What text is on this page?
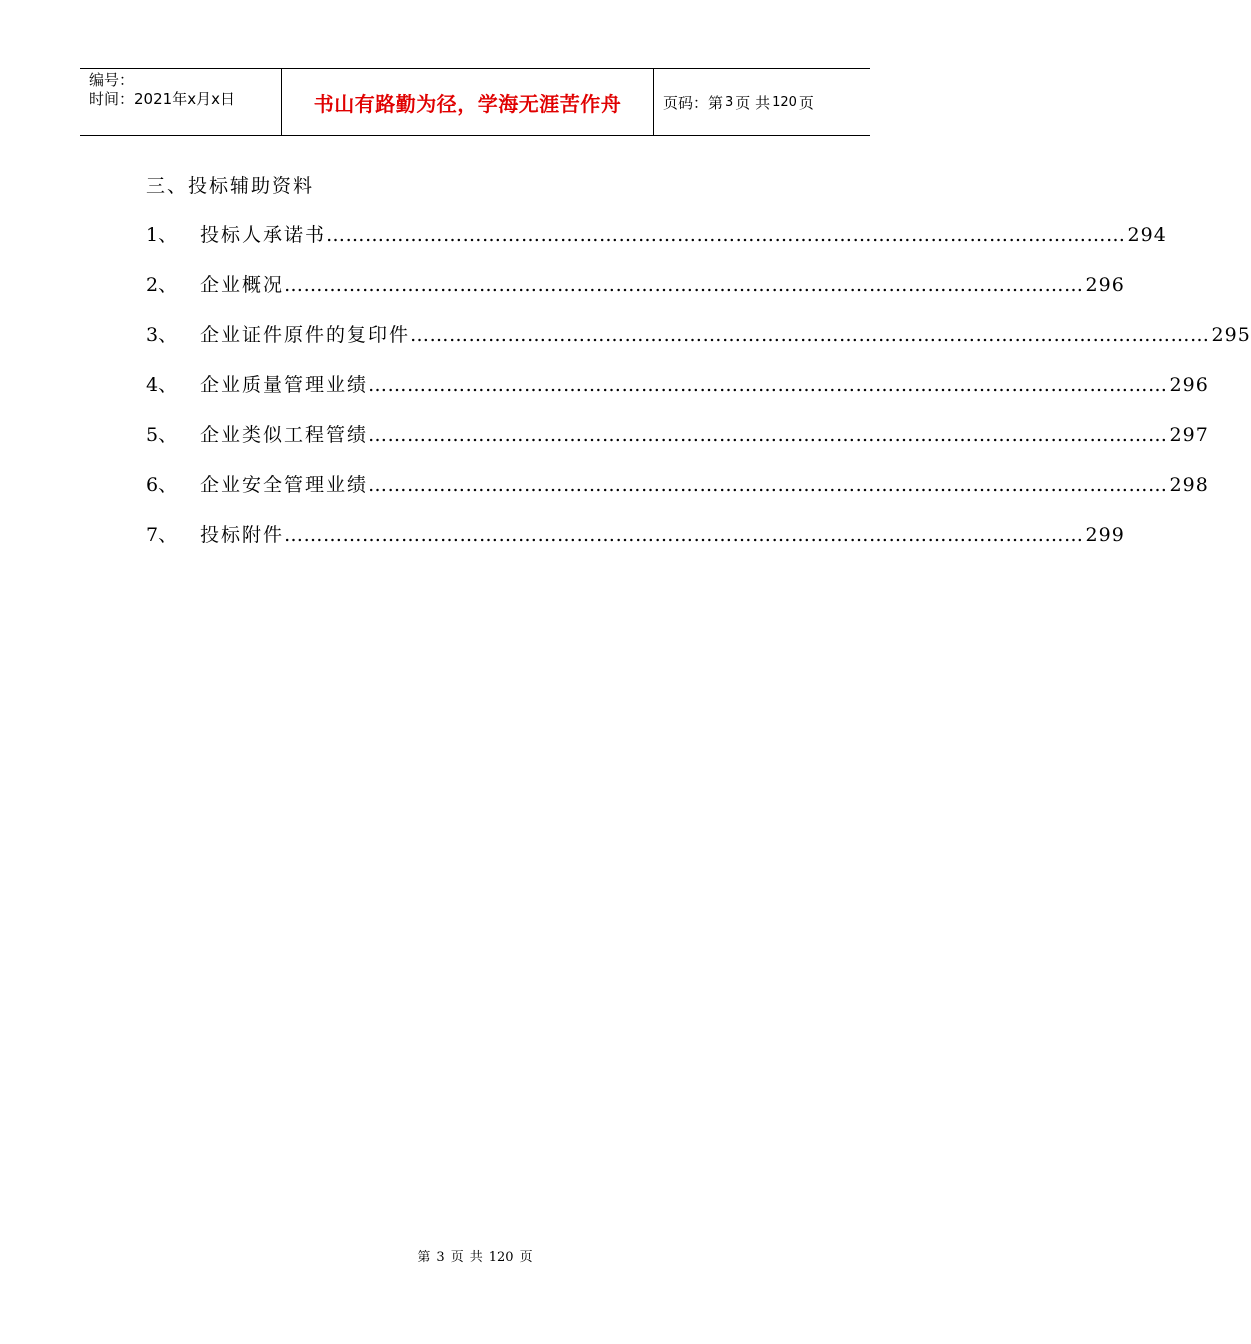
编号：
时间：2021年x月x日	书山有路勤为径，学海无涯苦作舟	页码：第 3 页 共 120 页
三、投标辅助资料
1、	投标人承诺书 …………………………………………………………………………………………………………… 294
2、	企业概况 …………………………………………………………………………………………………………… 296
3、	企业证件原件的复印件 …………………………………………………………………………………………………………… 295
4、	企业质量管理业绩 …………………………………………………………………………………………………………… 296
5、	企业类似工程管绩 …………………………………………………………………………………………………………… 297
6、	企业安全管理业绩 …………………………………………………………………………………………………………… 298
7、	投标附件 …………………………………………………………………………………………………………… 299
第 3 页 共 120 页
